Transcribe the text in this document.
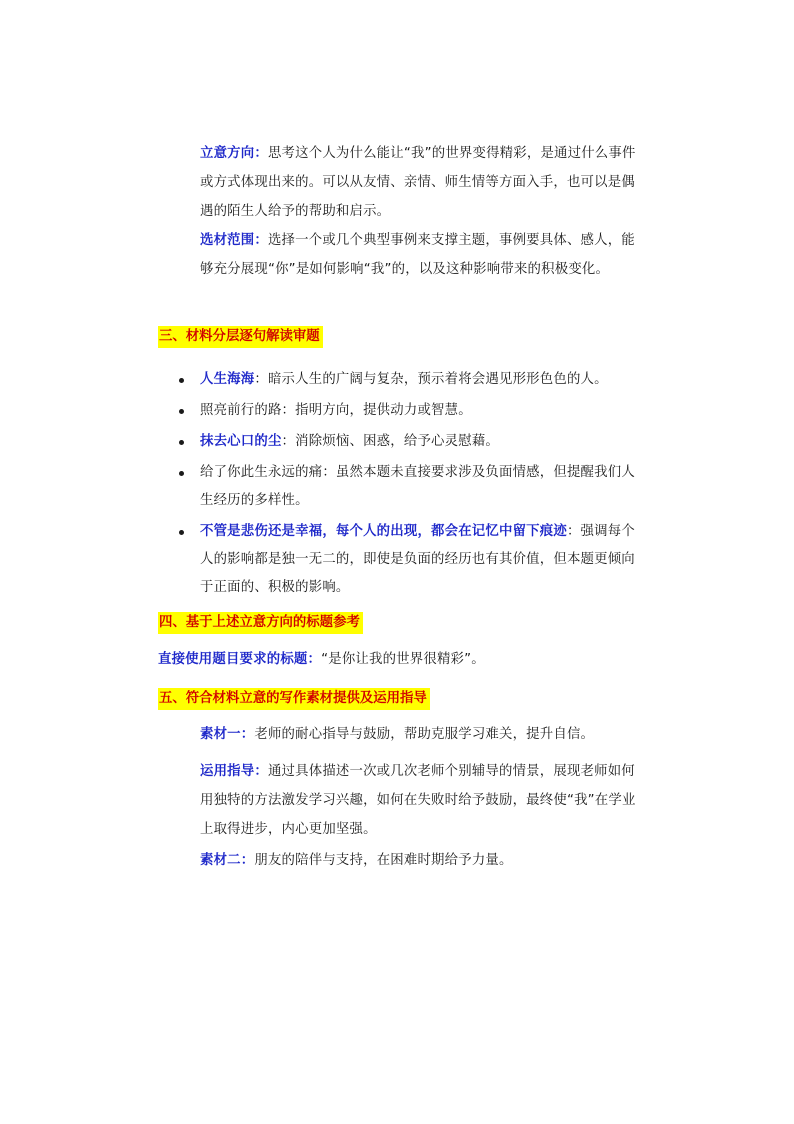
立意方向：思考这个人为什么能让“我”的世界变得精彩，是通过什么事件或方式体现出来的。可以从友情、亲情、师生情等方面入手，也可以是偶遇的陌生人给予的帮助和启示。

选材范围：选择一个或几个典型事例来支撑主题，事例要具体、感人，能够充分展现“你”是如何影响“我”的，以及这种影响带来的积极变化。

三、材料分层逐句解读审题
人生海海：暗示人生的广阔与复杂，预示着将会遇见形形色色的人。
照亮前行的路：指明方向，提供动力或智慧。
抹去心口的尘：消除烦恼、困惑，给予心灵慰藉。
给了你此生永远的痛：虽然本题未直接要求涉及负面情感，但提醒我们人生经历的多样性。
不管是悲伤还是幸福，每个人的出现，都会在记忆中留下痕迹：强调每个人的影响都是独一无二的，即使是负面的经历也有其价值，但本题更倾向于正面的、积极的影响。
四、基于上述立意方向的标题参考

直接使用题目要求的标题：“是你让我的世界很精彩”。

五、符合材料立意的写作素材提供及运用指导

素材一：老师的耐心指导与鼓励，帮助克服学习难关，提升自信。

运用指导：通过具体描述一次或几次老师个别辅导的情景，展现老师如何用独特的方法激发学习兴趣，如何在失败时给予鼓励，最终使“我”在学业上取得进步，内心更加坚强。

素材二：朋友的陪伴与支持，在困难时期给予力量。
